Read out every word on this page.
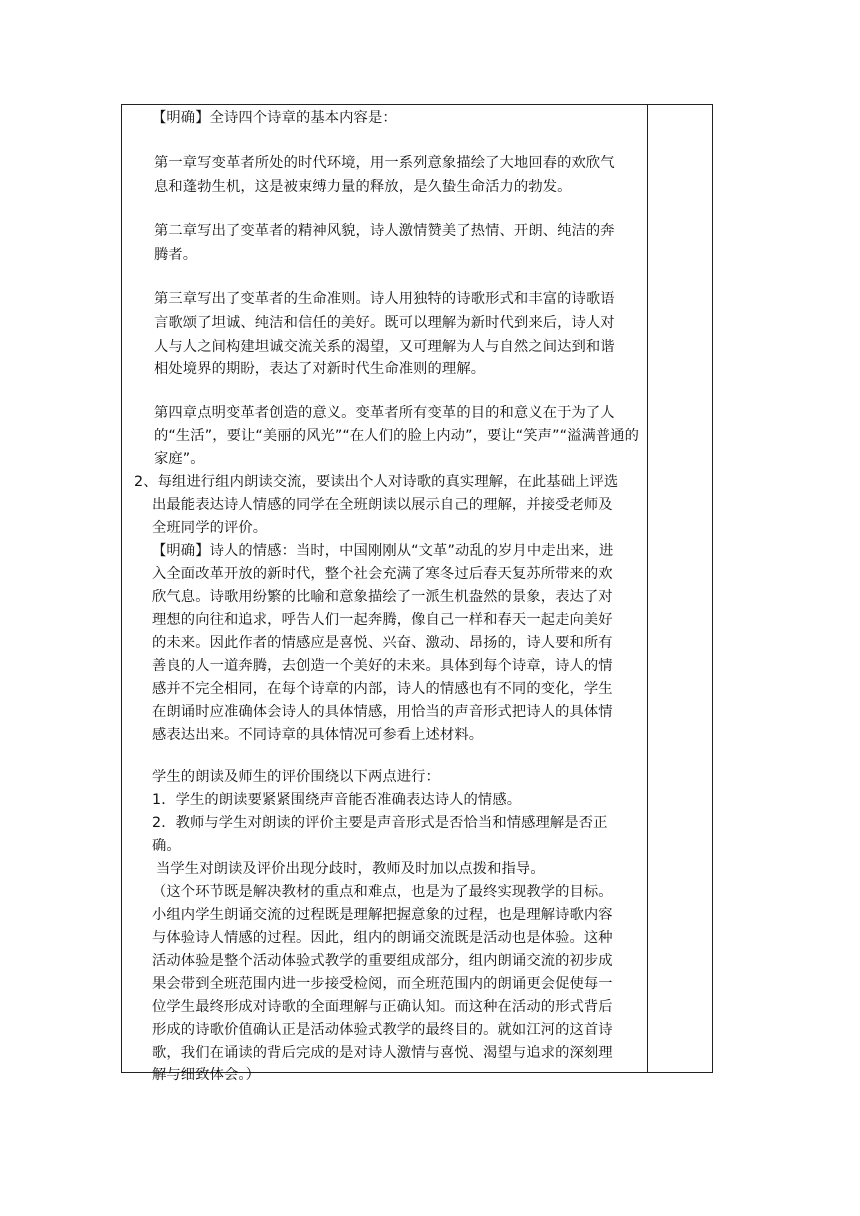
【明确】全诗四个诗章的基本内容是：
第一章写变革者所处的时代环境，用一系列意象描绘了大地回春的欢欣气
息和蓬勃生机，这是被束缚力量的释放，是久蛰生命活力的勃发。
第二章写出了变革者的精神风貌，诗人激情赞美了热情、开朗、纯洁的奔
腾者。
第三章写出了变革者的生命准则。诗人用独特的诗歌形式和丰富的诗歌语
言歌颂了坦诚、纯洁和信任的美好。既可以理解为新时代到来后，诗人对
人与人之间构建坦诚交流关系的渴望，又可理解为人与自然之间达到和谐
相处境界的期盼，表达了对新时代生命准则的理解。
第四章点明变革者创造的意义。变革者所有变革的目的和意义在于为了人
的“生活”，要让“美丽的风光”“在人们的脸上内动”，要让“笑声”“溢满普通的
家庭”。
2、每组进行组内朗读交流，要读出个人对诗歌的真实理解，在此基础上评选
出最能表达诗人情感的同学在全班朗读以展示自己的理解，并接受老师及
全班同学的评价。
【明确】诗人的情感：当时，中国刚刚从“文革”动乱的岁月中走出来，进
入全面改革开放的新时代，整个社会充满了寒冬过后春天复苏所带来的欢
欣气息。诗歌用纷繁的比喻和意象描绘了一派生机盎然的景象，表达了对
理想的向往和追求，呼告人们一起奔腾，像自己一样和春天一起走向美好
的未来。因此作者的情感应是喜悦、兴奋、激动、昂扬的，诗人要和所有
善良的人一道奔腾，去创造一个美好的未来。具体到每个诗章，诗人的情
感并不完全相同，在每个诗章的内部，诗人的情感也有不同的变化，学生
在朗诵时应准确体会诗人的具体情感，用恰当的声音形式把诗人的具体情
感表达出来。不同诗章的具体情况可参看上述材料。
学生的朗读及师生的评价围绕以下两点进行：
1．学生的朗读要紧紧围绕声音能否准确表达诗人的情感。
2．教师与学生对朗读的评价主要是声音形式是否恰当和情感理解是否正
确。
当学生对朗读及评价出现分歧时，教师及时加以点拨和指导。
（这个环节既是解决教材的重点和难点，也是为了最终实现教学的目标。
小组内学生朗诵交流的过程既是理解把握意象的过程，也是理解诗歌内容
与体验诗人情感的过程。因此，组内的朗诵交流既是活动也是体验。这种
活动体验是整个活动体验式教学的重要组成部分，组内朗诵交流的初步成
果会带到全班范围内进一步接受检阅，而全班范围内的朗诵更会促使每一
位学生最终形成对诗歌的全面理解与正确认知。而这种在活动的形式背后
形成的诗歌价值确认正是活动体验式教学的最终目的。就如江河的这首诗
歌，我们在诵读的背后完成的是对诗人激情与喜悦、渴望与追求的深刻理
解与细致体会。）
